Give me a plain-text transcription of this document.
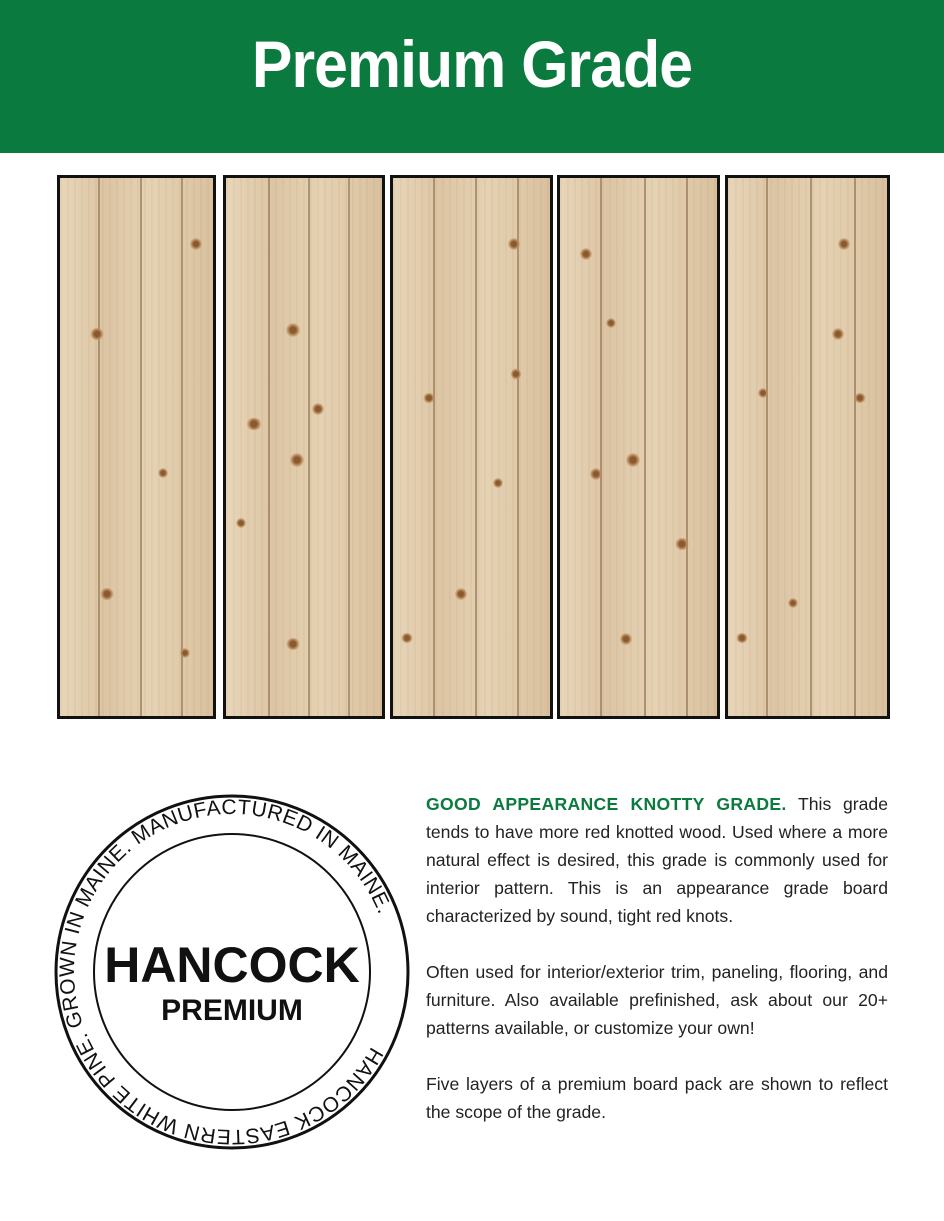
Premium Grade
HANCOCK EASTERN WHITE PINE. GROWN IN MAINE. MANUFACTURED IN MAINE.
HANCOCK
PREMIUM

GOOD APPEARANCE KNOTTY GRADE. This grade tends to have more red knotted wood. Used where a more natural effect is desired, this grade is commonly used for interior pattern. This is an appearance grade board characterized by sound, tight red knots.

Often used for interior/exterior trim, paneling, flooring, and furniture. Also available prefinished, ask about our 20+ patterns available, or customize your own!

Five layers of a premium board pack are shown to reflect the scope of the grade.
